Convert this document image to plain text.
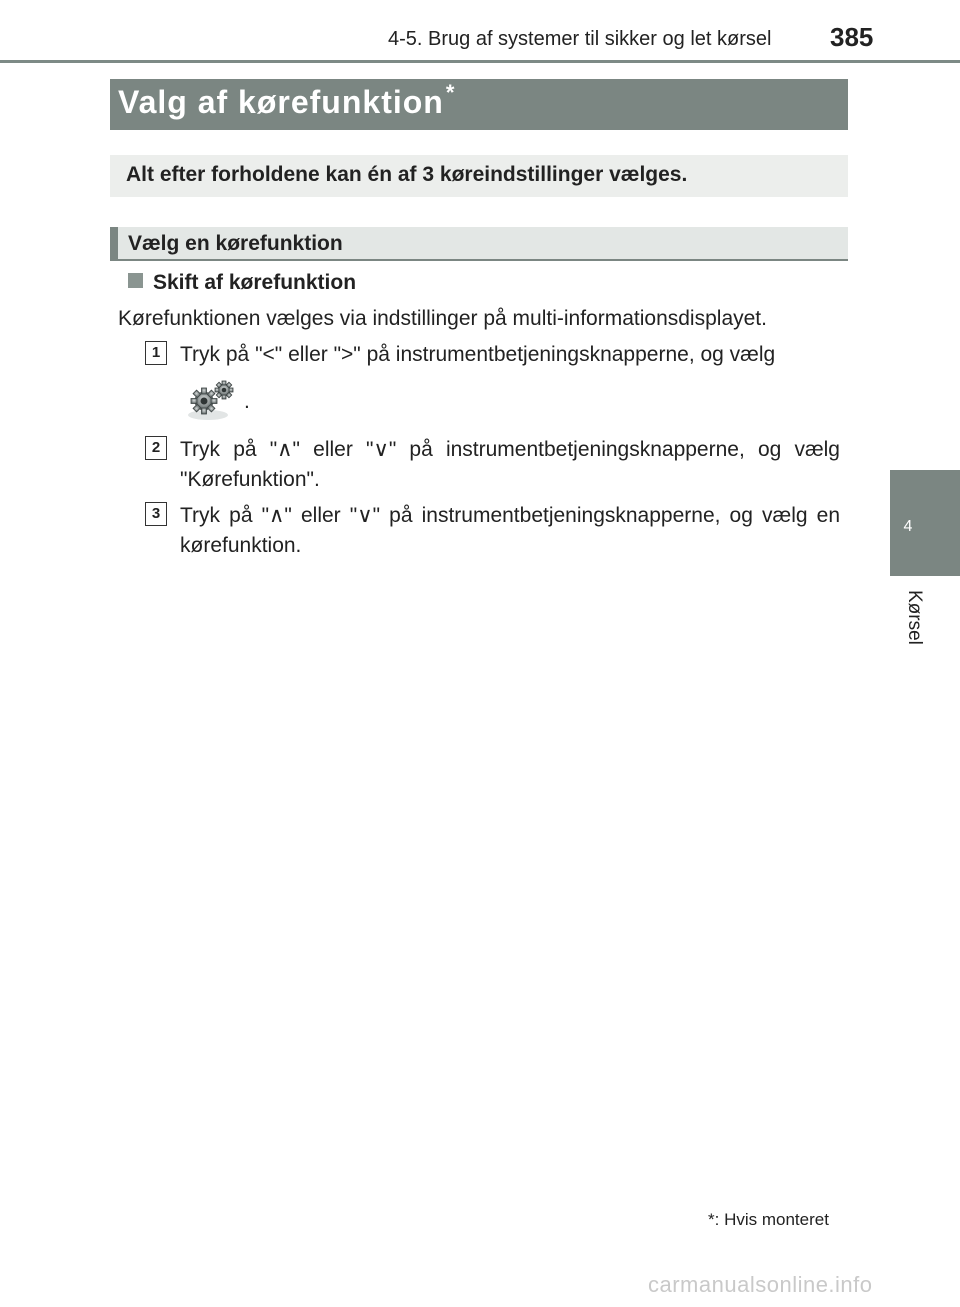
4-5. Brug af systemer til sikker og let kørsel	385
Valg af kørefunktion*
Alt efter forholdene kan én af 3 køreindstillinger vælges.
Vælg en kørefunktion
Skift af kørefunktion
Kørefunktionen vælges via indstillinger på multi-informationsdisplayet.
1 Tryk på "<" eller ">" på instrumentbetjeningsknapperne, og vælg
.
2 Tryk på "∧" eller "∨" på instrumentbetjeningsknapperne, og vælg "Kørefunktion".
3 Tryk på "∧" eller "∨" på instrumentbetjeningsknapperne, og vælg en kørefunktion.
4
Kørsel
*: Hvis monteret
carmanualsonline.info
